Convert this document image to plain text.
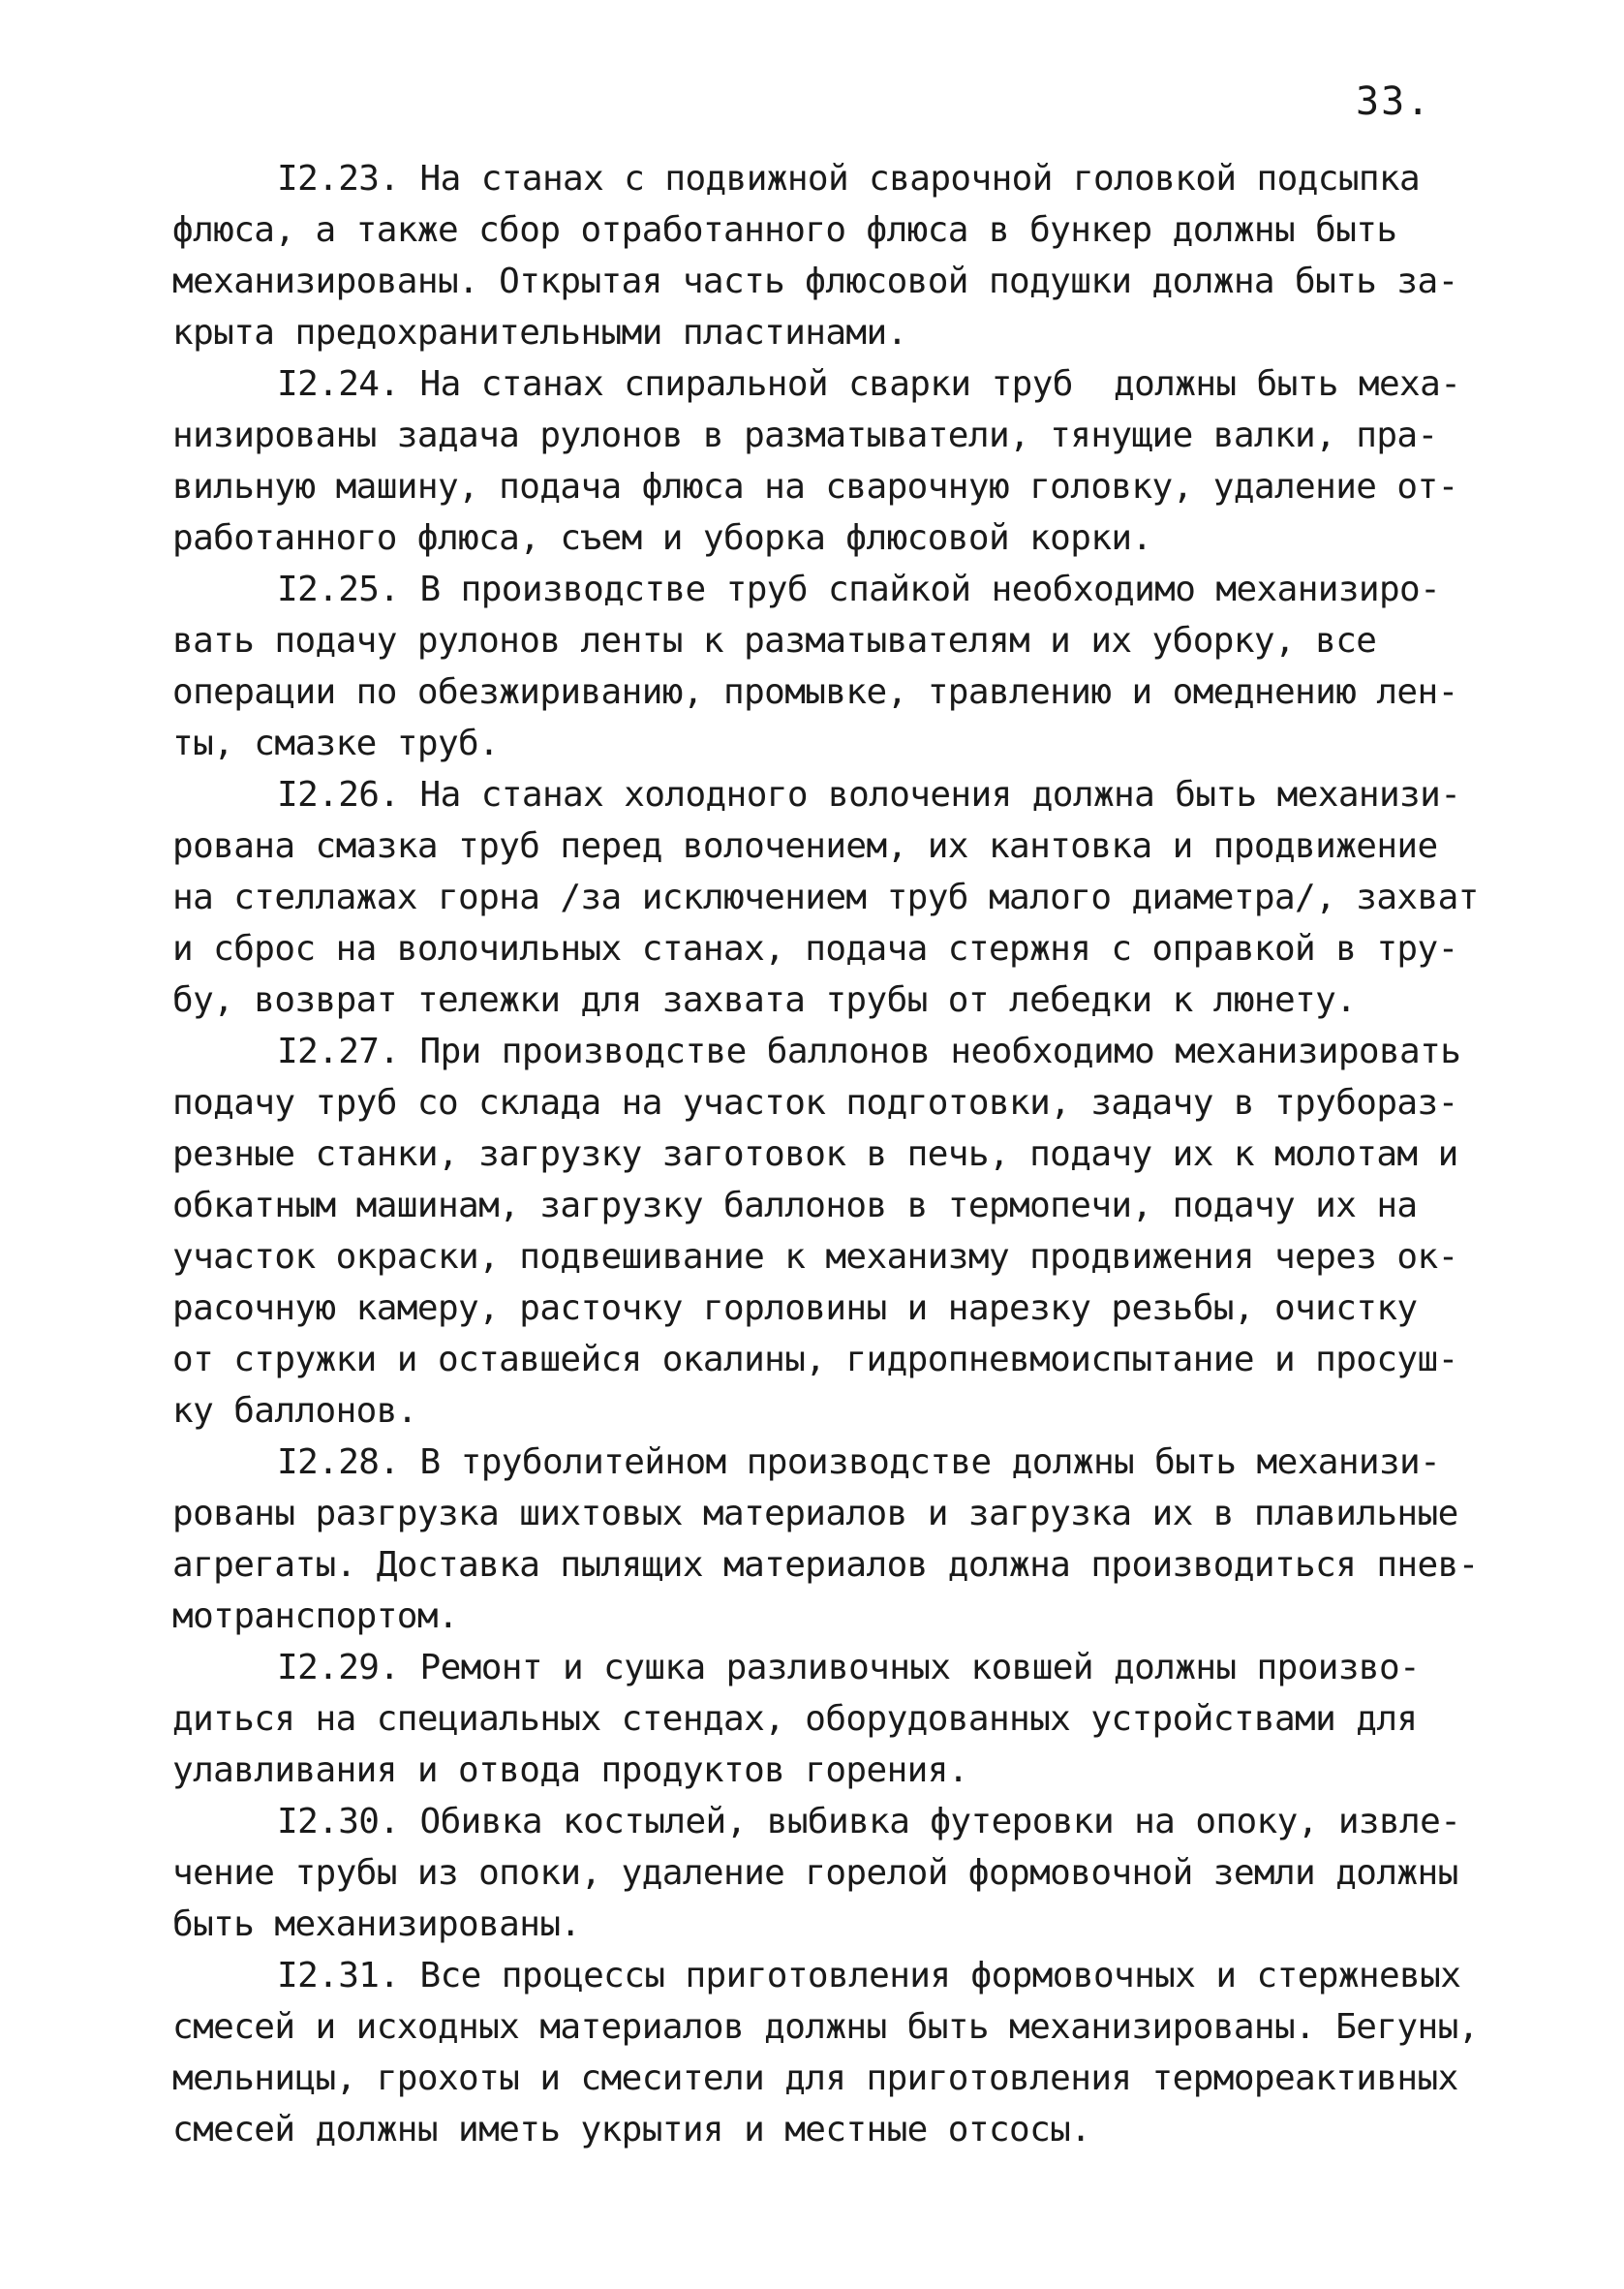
33.
I2.23. На станах с подвижной сварочной головкой подсыпка
флюса, а также сбор отработанного флюса в бункер должны быть
механизированы. Открытая часть флюсовой подушки должна быть за-
крыта предохранительными пластинами.
I2.24. На станах спиральной сварки труб  должны быть меха-
низированы задача рулонов в разматыватели, тянущие валки, пра-
вильную машину, подача флюса на сварочную головку, удаление от-
работанного флюса, съем и уборка флюсовой корки.
I2.25. В производстве труб спайкой необходимо механизиро-
вать подачу рулонов ленты к разматывателям и их уборку, все
операции по обезжириванию, промывке, травлению и омеднению лен-
ты, смазке труб.
I2.26. На станах холодного волочения должна быть механизи-
рована смазка труб перед волочением, их кантовка и продвижение
на стеллажах горна /за исключением труб малого диаметра/, захват
и сброс на волочильных станах, подача стержня с оправкой в тру-
бу, возврат тележки для захвата трубы от лебедки к люнету.
I2.27. При производстве баллонов необходимо механизировать
подачу труб со склада на участок подготовки, задачу в трубораз-
резные станки, загрузку заготовок в печь, подачу их к молотам и
обкатным машинам, загрузку баллонов в термопечи, подачу их на
участок окраски, подвешивание к механизму продвижения через ок-
расочную камеру, расточку горловины и нарезку резьбы, очистку
от стружки и оставшейся окалины, гидропневмоиспытание и просуш-
ку баллонов.
I2.28. В труболитейном производстве должны быть механизи-
рованы разгрузка шихтовых материалов и загрузка их в плавильные
агрегаты. Доставка пылящих материалов должна производиться пнев-
мотранспортом.
I2.29. Ремонт и сушка разливочных ковшей должны произво-
диться на специальных стендах, оборудованных устройствами для
улавливания и отвода продуктов горения.
I2.30. Обивка костылей, выбивка футеровки на опоку, извле-
чение трубы из опоки, удаление горелой формовочной земли должны
быть механизированы.
I2.31. Все процессы приготовления формовочных и стержневых
смесей и исходных материалов должны быть механизированы. Бегуны,
мельницы, грохоты и смесители для приготовления термореактивных
смесей должны иметь укрытия и местные отсосы.
